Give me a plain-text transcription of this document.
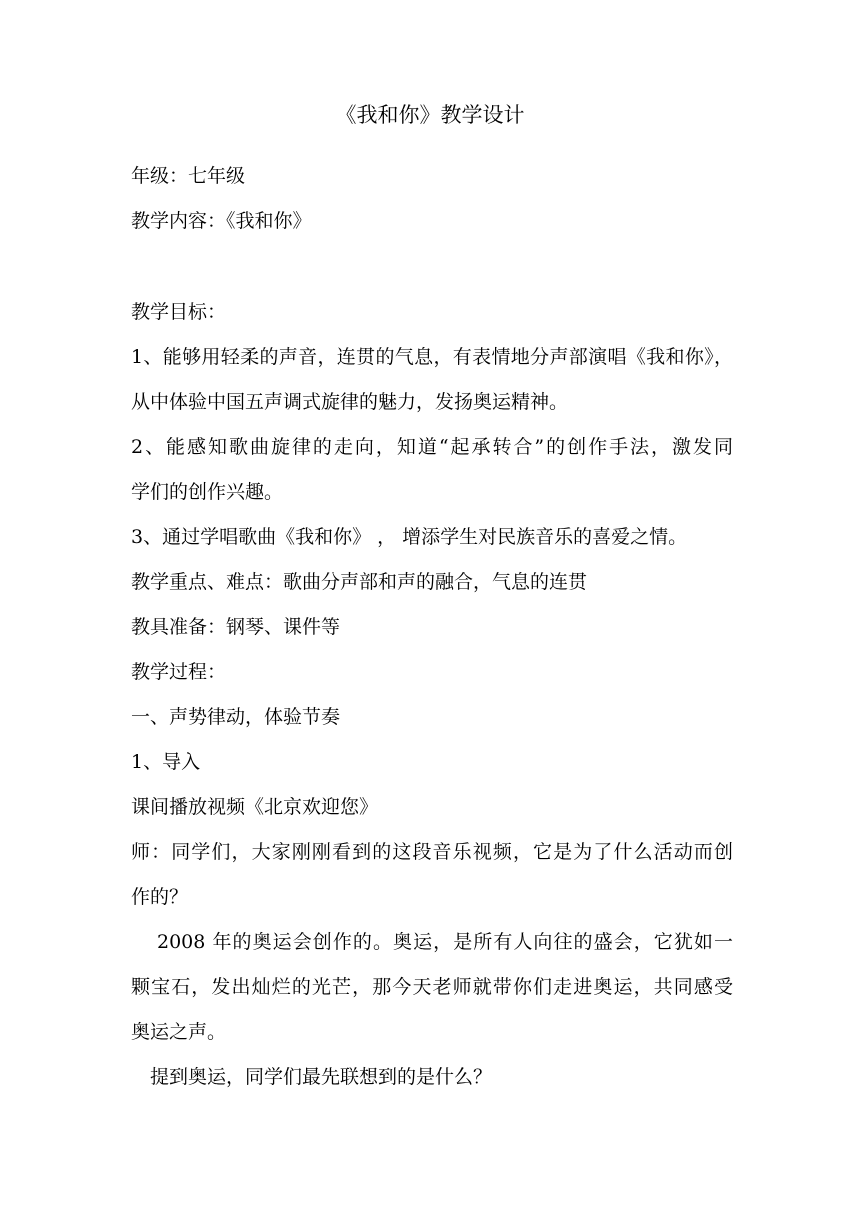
《我和你》教学设计
年级：七年级
教学内容：《我和你》
教学目标：
1、能够用轻柔的声音，连贯的气息，有表情地分声部演唱《我和你》，
从中体验中国五声调式旋律的魅力，发扬奥运精神。
2、能感知歌曲旋律的走向，知道“起承转合”的创作手法，激发同
学们的创作兴趣。
3、通过学唱歌曲《我和你》 ， 增添学生对民族音乐的喜爱之情。
教学重点、难点：歌曲分声部和声的融合，气息的连贯
教具准备：钢琴、课件等
教学过程：
一、声势律动，体验节奏
1、导入
课间播放视频《北京欢迎您》
师：同学们，大家刚刚看到的这段音乐视频，它是为了什么活动而创
作的？
2008 年的奥运会创作的。奥运，是所有人向往的盛会，它犹如一
颗宝石，发出灿烂的光芒，那今天老师就带你们走进奥运，共同感受
奥运之声。
提到奥运，同学们最先联想到的是什么？
